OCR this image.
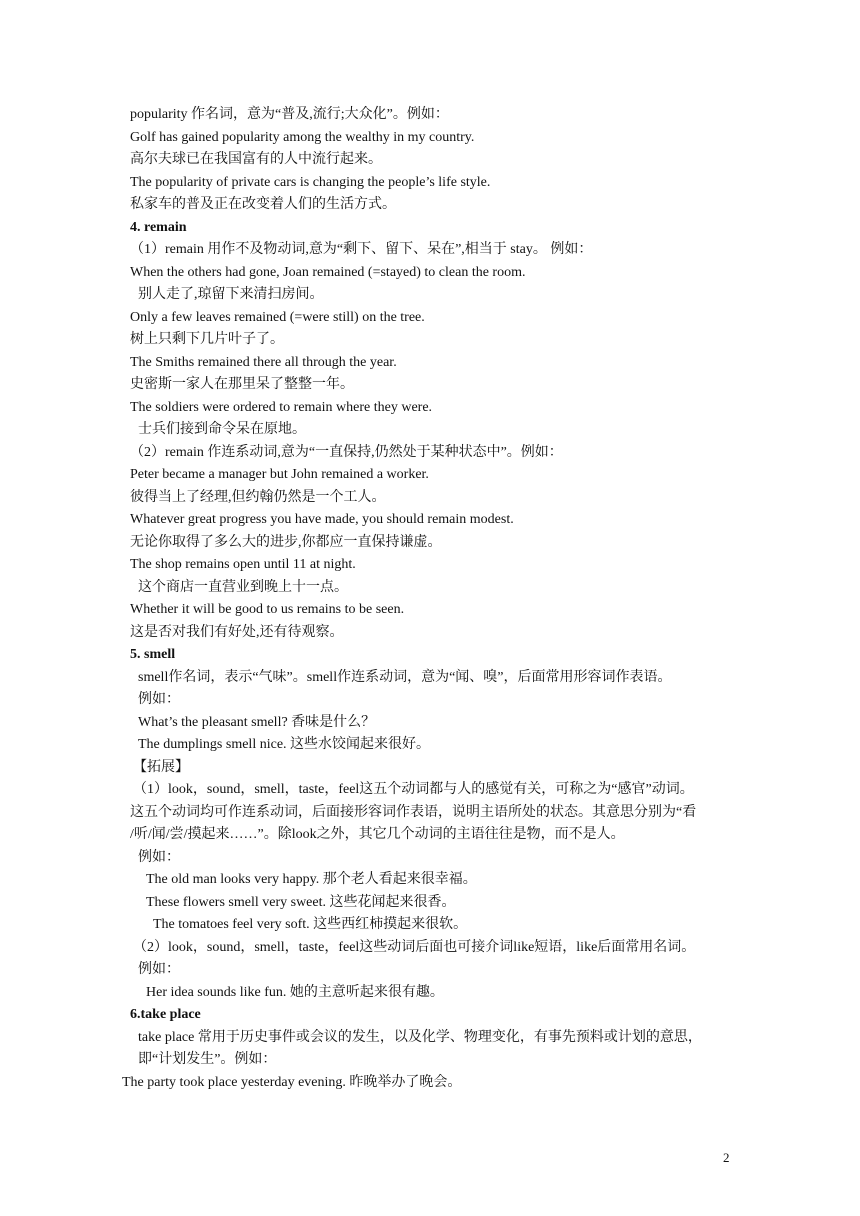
popularity 作名词，意为“普及,流行;大众化”。例如：
Golf has gained popularity among the wealthy in my country.
高尔夫球已在我国富有的人中流行起来。
The popularity of private cars is changing the people’s life style.
私家车的普及正在改变着人们的生活方式。
4. remain
（1）remain 用作不及物动词,意为“剩下、留下、呆在”,相当于 stay。 例如：
When the others had gone, Joan remained (=stayed) to clean the room.
别人走了,琼留下来清扫房间。
Only a few leaves remained (=were still) on the tree.
树上只剩下几片叶子了。
The Smiths remained there all through the year.
史密斯一家人在那里呆了整整一年。
The soldiers were ordered to remain where they were.
士兵们接到命令呆在原地。
（2）remain 作连系动词,意为“一直保持,仍然处于某种状态中”。例如：
Peter became a manager but John remained a worker.
彼得当上了经理,但约翰仍然是一个工人。
Whatever great progress you have made, you should remain modest.
无论你取得了多么大的进步,你都应一直保持谦虚。
The shop remains open until 11 at night.
这个商店一直营业到晚上十一点。
Whether it will be good to us remains to be seen.
这是否对我们有好处,还有待观察。
5. smell
smell作名词，表示“气味”。smell作连系动词，意为“闻、嗅”，后面常用形容词作表语。
例如：
What’s the pleasant smell? 香味是什么？
The dumplings smell nice. 这些水饺闻起来很好。
【拓展】
（1）look，sound，smell，taste，feel这五个动词都与人的感觉有关，可称之为“感官”动词。
这五个动词均可作连系动词，后面接形容词作表语，说明主语所处的状态。其意思分别为“看
/听/闻/尝/摸起来……”。除look之外，其它几个动词的主语往往是物，而不是人。
例如：
The old man looks very happy. 那个老人看起来很幸福。
These flowers smell very sweet. 这些花闻起来很香。
The tomatoes feel very soft. 这些西红柿摸起来很软。
（2）look，sound，smell，taste，feel这些动词后面也可接介词like短语，like后面常用名词。
例如：
Her idea sounds like fun. 她的主意听起来很有趣。
6.take place
take place 常用于历史事件或会议的发生，以及化学、物理变化，有事先预料或计划的意思，
即“计划发生”。例如：
The party took place yesterday evening. 昨晚举办了晚会。
2
